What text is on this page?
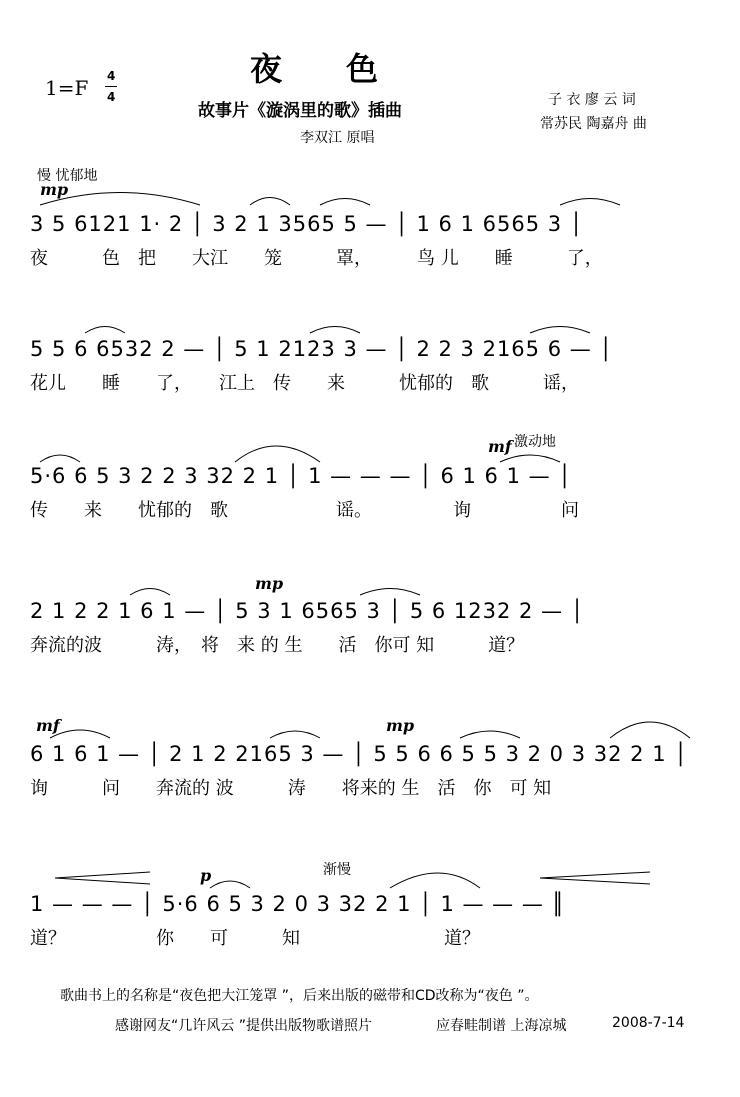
1=F 4
4
夜　　色
故事片《漩涡里的歌》插曲
李双江 原唱
子 衣 廖 云 词
常苏民 陶嘉舟 曲
慢 忧郁地
mp
mf 激动地
mp
mf	mp
p	渐慢
3 5 6121 1· 2 │ 3 2 1 3565 5 — │ 1 6 1 6565 3 │
夜　　　色　把　　大江　　笼　　　罩，　　　鸟 儿　　睡　　　了，
5 5 6 6532 2 — │ 5 1 2123 3 — │ 2 2 3 2165 6 — │
花儿　　睡　　了，　　江上　传　　来　　　忧郁的　歌　　　谣，
5·6 6 5 3 2 2 3 32 2 1 │ 1 — — — │ 6 1 6 1 — │
传　　来　　忧郁的　歌　　　　　　谣。　　　　　询　　　　　问
2 1 2 2 1 6 1 — │ 5 3 1 6565 3 │ 5 6 1232 2 — │
奔流的波　　　涛，　将　来 的 生　　活　你可 知　　　道？
6 1 6 1 — │ 2 1 2 2165 3 — │ 5 5 6 6 5 5 3 2 0 3 32 2 1 │
询　　　问　　奔流的 波　　　涛　　将来的 生　活　你　可 知
1 — — — │ 5·6 6 5 3 2 0 3 32 2 1 │ 1 — — — ║
道？　　　　　你　　可　　　知　　　　　　　　道？
歌曲书上的名称是“夜色把大江笼罩 ”，后来出版的磁带和CD改称为“夜色 ”。
感谢网友“几许风云 ”提供出版物歌谱照片	应春畦制谱 上海凉城	2008-7-14
